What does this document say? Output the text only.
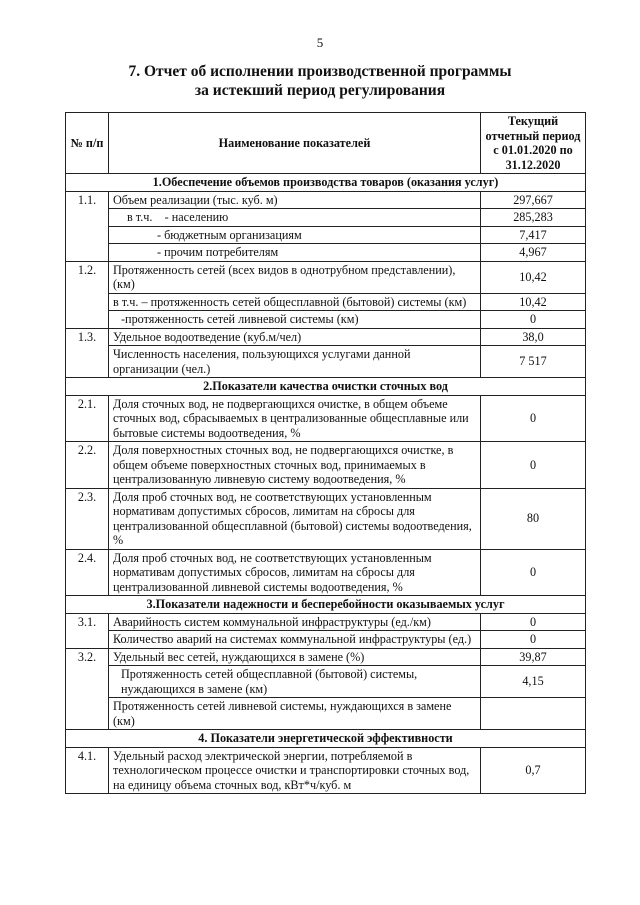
5
7. Отчет об исполнении производственной программы
за истекший период регулирования
№ п/п	Наименование показателей	Текущий отчетный период с 01.01.2020 по 31.12.2020
1.Обеспечение объемов производства товаров (оказания услуг)		
1.1.	Объем реализации (тыс. куб. м)	297,667
	в т.ч.    - населению	285,283
	- бюджетным организациям	7,417
	- прочим потребителям	4,967
1.2.	Протяженность сетей (всех видов в однотрубном представлении), (км)	10,42
	в т.ч. – протяженность сетей общесплавной (бытовой) системы (км)	10,42
	-протяженность сетей ливневой системы (км)	0
1.3.	Удельное водоотведение (куб.м/чел)	38,0
	Численность населения, пользующихся услугами данной организации (чел.)	7 517
2.Показатели качества очистки сточных вод		
2.1.	Доля сточных вод, не подвергающихся очистке, в общем объеме сточных вод, сбрасываемых в централизованные общесплавные или бытовые системы водоотведения, %	0
2.2.	Доля поверхностных сточных вод, не подвергающихся очистке, в общем объеме поверхностных сточных вод, принимаемых в централизованную ливневую систему водоотведения, %	0
2.3.	Доля проб сточных вод, не соответствующих установленным нормативам допустимых сбросов, лимитам на сбросы для централизованной общесплавной (бытовой) системы водоотведения, %	80
2.4.	Доля проб сточных вод, не соответствующих установленным нормативам допустимых сбросов, лимитам на сбросы для централизованной ливневой системы водоотведения, %	0
3.Показатели надежности и бесперебойности оказываемых услуг		
3.1.	Аварийность систем коммунальной инфраструктуры (ед./км)	0
	Количество аварий на системах коммунальной инфраструктуры (ед.)	0
3.2.	Удельный вес сетей, нуждающихся в замене (%)	39,87
	Протяженность сетей общесплавной (бытовой) системы, нуждающихся в замене (км)	4,15
	Протяженность сетей ливневой системы, нуждающихся в замене (км)	
4. Показатели энергетической эффективности		
4.1.	Удельный расход электрической энергии, потребляемой в технологическом процессе очистки и транспортировки сточных вод, на единицу объема сточных вод, кВт*ч/куб. м	0,7
